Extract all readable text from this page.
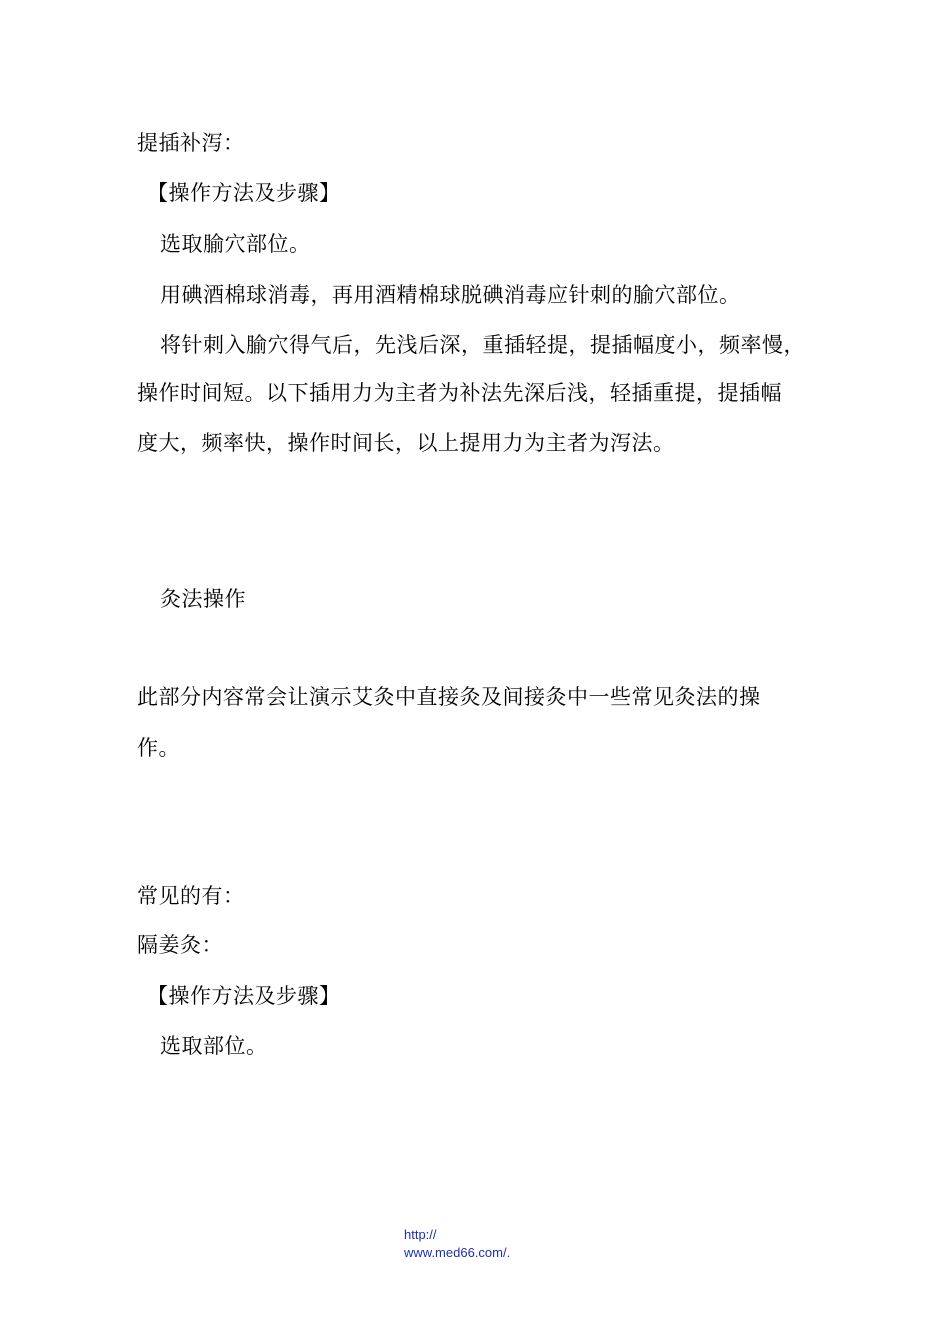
提插补泻：
【操作方法及步骤】
选取腧穴部位。
用碘酒棉球消毒，再用酒精棉球脱碘消毒应针刺的腧穴部位。
将针刺入腧穴得气后，先浅后深，重插轻提，提插幅度小，频率慢，
操作时间短。以下插用力为主者为补法先深后浅，轻插重提，提插幅
度大，频率快，操作时间长，以上提用力为主者为泻法。
灸法操作
此部分内容常会让演示艾灸中直接灸及间接灸中一些常见灸法的操
作。
常见的有：
隔姜灸：
【操作方法及步骤】
选取部位。
http://
www.med66.com/.
